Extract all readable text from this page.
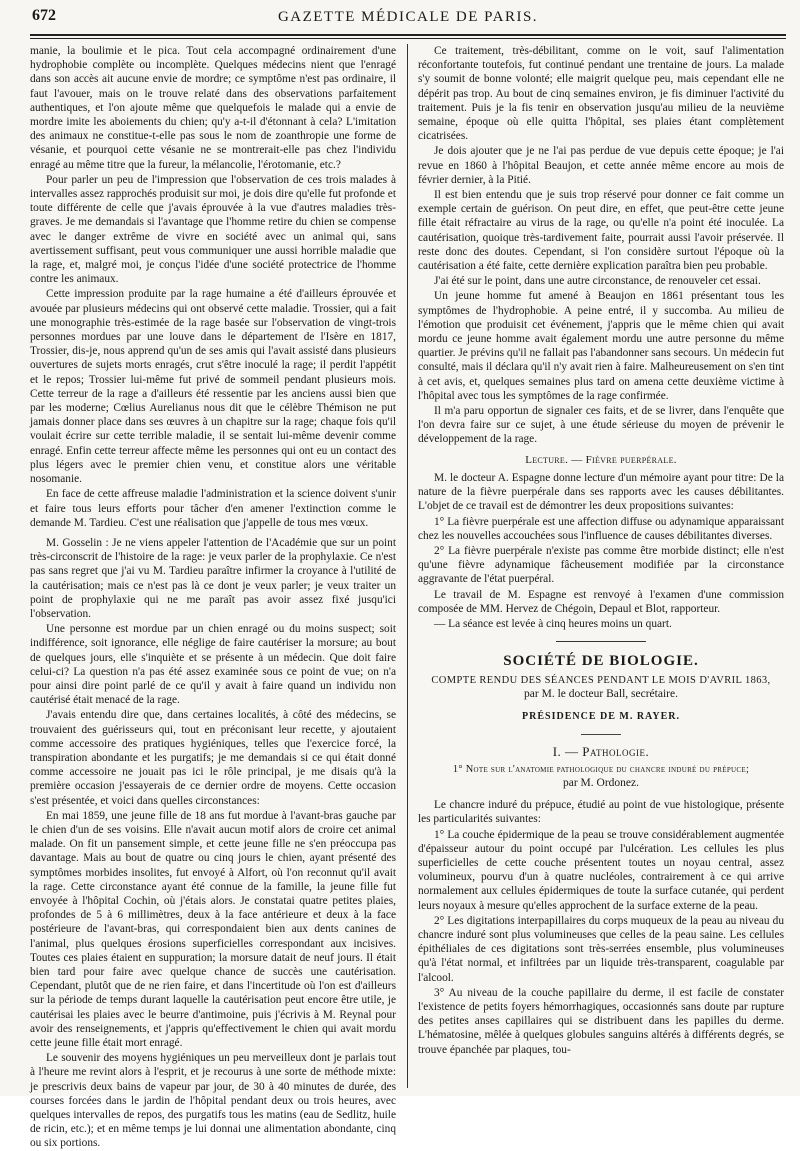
672	GAZETTE MÉDICALE DE PARIS.

manie, la boulimie et le pica. Tout cela accompagné ordinairement d'une hydrophobie complète ou incomplète. Quelques médecins nient que l'enragé dans son accès ait aucune envie de mordre; ce symptôme n'est pas ordinaire, il faut l'avouer, mais on le trouve relaté dans des observations parfaitement authentiques, et l'on ajoute même que quelquefois le malade qui a envie de mordre imite les aboiements du chien; qu'y a-t-il d'étonnant à cela? L'imitation des animaux ne constitue-t-elle pas sous le nom de zoanthropie une forme de vésanie, et pourquoi cette vésanie ne se montrerait-elle pas chez l'individu enragé au même titre que la fureur, la mélancolie, l'érotomanie, etc.?

Pour parler un peu de l'impression que l'observation de ces trois malades à intervalles assez rapprochés produisit sur moi, je dois dire qu'elle fut profonde et toute différente de celle que j'avais éprouvée à la vue d'autres maladies très-graves. Je me demandais si l'avantage que l'homme retire du chien se compense avec le danger extrême de vivre en société avec un animal qui, sans avertissement suffisant, peut vous communiquer une aussi horrible maladie que la rage, et, malgré moi, je conçus l'idée d'une société protectrice de l'homme contre les animaux.

Cette impression produite par la rage humaine a été d'ailleurs éprouvée et avouée par plusieurs médecins qui ont observé cette maladie. Trossier, qui a fait une monographie très-estimée de la rage basée sur l'observation de vingt-trois personnes mordues par une louve dans le département de l'Isère en 1817, Trossier, dis-je, nous apprend qu'un de ses amis qui l'avait assisté dans plusieurs ouvertures de sujets morts enragés, crut s'être inoculé la rage; il perdit l'appétit et le repos; Trossier lui-même fut privé de sommeil pendant plusieurs mois. Cette terreur de la rage a d'ailleurs été ressentie par les anciens aussi bien que par les moderne; Cœlius Aurelianus nous dit que le célèbre Thémison ne put jamais donner place dans ses œuvres à un chapitre sur la rage; chaque fois qu'il voulait écrire sur cette terrible maladie, il se sentait lui-même devenir comme enragé. Enfin cette terreur affecte même les personnes qui ont eu un contact des plus légers avec le premier chien venu, et constitue alors une véritable nosomanie.

En face de cette affreuse maladie l'administration et la science doivent s'unir et faire tous leurs efforts pour tâcher d'en amener l'extinction comme le demande M. Tardieu. C'est une réalisation que j'appelle de tous mes vœux.

M. Gosselin : Je ne viens appeler l'attention de l'Académie que sur un point très-circonscrit de l'histoire de la rage: je veux parler de la prophylaxie. Ce n'est pas sans regret que j'ai vu M. Tardieu paraître infirmer la croyance à l'utilité de la cautérisation; mais ce n'est pas là ce dont je veux parler; je veux traiter un point de prophylaxie qui ne me paraît pas avoir assez fixé jusqu'ici l'observation.

Une personne est mordue par un chien enragé ou du moins suspect; soit indifférence, soit ignorance, elle néglige de faire cautériser la morsure; au bout de quelques jours, elle s'inquiète et se présente à un médecin. Que doit faire celui-ci? La question n'a pas été assez examinée sous ce point de vue; on n'a pour ainsi dire point parlé de ce qu'il y avait à faire quand un individu non cautérisé était menacé de la rage.

J'avais entendu dire que, dans certaines localités, à côté des médecins, se trouvaient des guérisseurs qui, tout en préconisant leur recette, y ajoutaient comme accessoire des pratiques hygiéniques, telles que l'exercice forcé, la transpiration abondante et les purgatifs; je me demandais si ce qui était donné comme accessoire ne jouait pas ici le rôle principal, je me disais qu'à la première occasion j'essayerais de ce dernier ordre de moyens. Cette occasion s'est présentée, et voici dans quelles circonstances:

En mai 1859, une jeune fille de 18 ans fut mordue à l'avant-bras gauche par le chien d'un de ses voisins. Elle n'avait aucun motif alors de croire cet animal malade. On fit un pansement simple, et cette jeune fille ne s'en préoccupa pas davantage. Mais au bout de quatre ou cinq jours le chien, ayant présenté des symptômes morbides insolites, fut envoyé à Alfort, où l'on reconnut qu'il avait la rage. Cette circonstance ayant été connue de la famille, la jeune fille fut envoyée à l'hôpital Cochin, où j'étais alors. Je constatai quatre petites plaies, profondes de 5 à 6 millimètres, deux à la face antérieure et deux à la face postérieure de l'avant-bras, qui correspondaient bien aux dents canines de l'animal, plus quelques érosions superficielles correspondant aux incisives. Toutes ces plaies étaient en suppuration; la morsure datait de neuf jours. Il était bien tard pour faire avec quelque chance de succès une cautérisation. Cependant, plutôt que de ne rien faire, et dans l'incertitude où l'on est d'ailleurs sur la période de temps durant laquelle la cautérisation peut encore être utile, je cautérisai les plaies avec le beurre d'antimoine, puis j'écrivis à M. Reynal pour avoir des renseignements, et j'appris qu'effectivement le chien qui avait mordu cette jeune fille était mort enragé.

Le souvenir des moyens hygiéniques un peu merveilleux dont je parlais tout à l'heure me revint alors à l'esprit, et je recourus à une sorte de méthode mixte: je prescrivis deux bains de vapeur par jour, de 30 à 40 minutes de durée, des courses forcées dans le jardin de l'hôpital pendant deux ou trois heures, avec quelques intervalles de repos, des purgatifs tous les matins (eau de Sedlitz, huile de ricin, etc.); et en même temps je lui donnai une alimentation abondante, cinq ou six portions.

Ce traitement, très-débilitant, comme on le voit, sauf l'alimentation réconfortante toutefois, fut continué pendant une trentaine de jours. La malade s'y soumit de bonne volonté; elle maigrit quelque peu, mais cependant elle ne dépérit pas trop. Au bout de cinq semaines environ, je fis diminuer l'activité du traitement. Puis je la fis tenir en observation jusqu'au milieu de la neuvième semaine, époque où elle quitta l'hôpital, ses plaies étant complètement cicatrisées.

Je dois ajouter que je ne l'ai pas perdue de vue depuis cette époque; je l'ai revue en 1860 à l'hôpital Beaujon, et cette année même encore au mois de février dernier, à la Pitié.

Il est bien entendu que je suis trop réservé pour donner ce fait comme un exemple certain de guérison. On peut dire, en effet, que peut-être cette jeune fille était réfractaire au virus de la rage, ou qu'elle n'a point été inoculée. La cautérisation, quoique très-tardivement faite, pourrait aussi l'avoir préservée. Il reste donc des doutes. Cependant, si l'on considère surtout l'époque où la cautérisation a été faite, cette dernière explication paraîtra bien peu probable.

J'ai été sur le point, dans une autre circonstance, de renouveler cet essai.

Un jeune homme fut amené à Beaujon en 1861 présentant tous les symptômes de l'hydrophobie. A peine entré, il y succomba. Au milieu de l'émotion que produisit cet événement, j'appris que le même chien qui avait mordu ce jeune homme avait également mordu une autre personne du même quartier. Je prévins qu'il ne fallait pas l'abandonner sans secours. Un médecin fut consulté, mais il déclara qu'il n'y avait rien à faire. Malheureusement on s'en tint à cet avis, et, quelques semaines plus tard on amena cette deuxième victime à l'hôpital avec tous les symptômes de la rage confirmée.

Il m'a paru opportun de signaler ces faits, et de se livrer, dans l'enquête que l'on devra faire sur ce sujet, à une étude sérieuse du moyen de prévenir le développement de la rage.

Lecture. — Fièvre puerpérale.

M. le docteur A. Espagne donne lecture d'un mémoire ayant pour titre: De la nature de la fièvre puerpérale dans ses rapports avec les causes débilitantes. L'objet de ce travail est de démontrer les deux propositions suivantes:

1° La fièvre puerpérale est une affection diffuse ou adynamique apparaissant chez les nouvelles accouchées sous l'influence de causes débilitantes diverses.

2° La fièvre puerpérale n'existe pas comme être morbide distinct; elle n'est qu'une fièvre adynamique fâcheusement modifiée par la circonstance aggravante de l'état puerpéral.

Le travail de M. Espagne est renvoyé à l'examen d'une commission composée de MM. Hervez de Chégoin, Depaul et Blot, rapporteur.

— La séance est levée à cinq heures moins un quart.

SOCIÉTÉ DE BIOLOGIE.
COMPTE RENDU DES SÉANCES PENDANT LE MOIS D'AVRIL 1863,
par M. le docteur Ball, secrétaire.
PRÉSIDENCE DE M. RAYER.
I. — Pathologie.
1° Note sur l'anatomie pathologique du chancre induré du prépuce;
par M. Ordonez.

Le chancre induré du prépuce, étudié au point de vue histologique, présente les particularités suivantes:

1° La couche épidermique de la peau se trouve considérablement augmentée d'épaisseur autour du point occupé par l'ulcération. Les cellules les plus superficielles de cette couche présentent toutes un noyau central, assez volumineux, pourvu d'un à quatre nucléoles, contrairement à ce qui arrive normalement aux cellules épidermiques de toute la surface cutanée, qui perdent leurs noyaux à mesure qu'elles approchent de la surface externe de la peau.

2° Les digitations interpapillaires du corps muqueux de la peau au niveau du chancre induré sont plus volumineuses que celles de la peau saine. Les cellules épithéliales de ces digitations sont très-serrées ensemble, plus volumineuses qu'à l'état normal, et infiltrées par un liquide très-transparent, coagulable par l'alcool.

3° Au niveau de la couche papillaire du derme, il est facile de constater l'existence de petits foyers hémorrhagiques, occasionnés sans doute par rupture des petites anses capillaires qui se distribuent dans les papilles du derme. L'hématosine, mêlée à quelques globules sanguins altérés à différents degrés, se trouve épanchée par plaques, tou-
